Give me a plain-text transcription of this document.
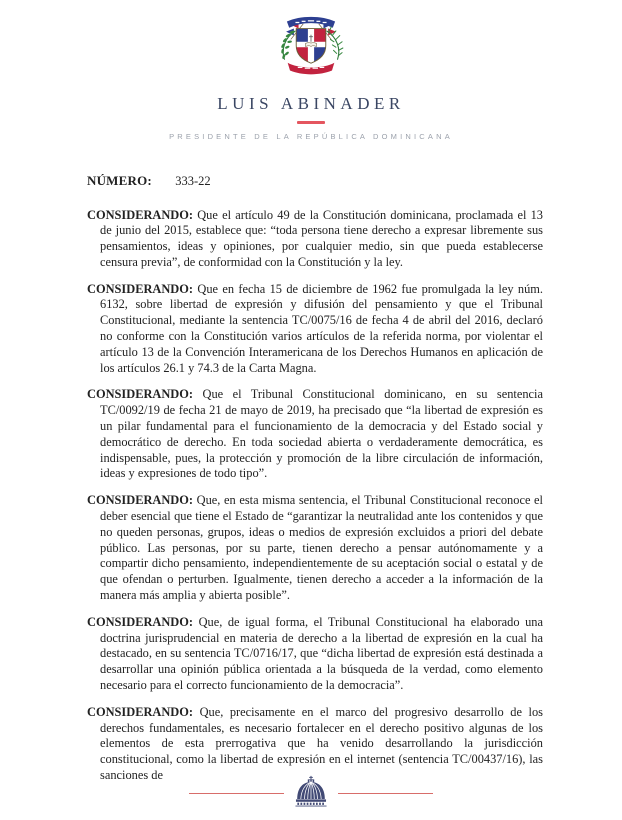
LUIS ABINADER
PRESIDENTE DE LA REPÚBLICA DOMINICANA
NÚMERO: 333-22

CONSIDERANDO: Que el artículo 49 de la Constitución dominicana, proclamada el 13 de junio del 2015, establece que: “toda persona tiene derecho a expresar libremente sus pensamientos, ideas y opiniones, por cualquier medio, sin que pueda establecerse censura previa”, de conformidad con la Constitución y la ley.

CONSIDERANDO: Que en fecha 15 de diciembre de 1962 fue promulgada la ley núm. 6132, sobre libertad de expresión y difusión del pensamiento y que el Tribunal Constitucional, mediante la sentencia TC/0075/16 de fecha 4 de abril del 2016, declaró no conforme con la Constitución varios artículos de la referida norma, por violentar el artículo 13 de la Convención Interamericana de los Derechos Humanos en aplicación de los artículos 26.1 y 74.3 de la Carta Magna.

CONSIDERANDO: Que el Tribunal Constitucional dominicano, en su sentencia TC/0092/19 de fecha 21 de mayo de 2019, ha precisado que “la libertad de expresión es un pilar fundamental para el funcionamiento de la democracia y del Estado social y democrático de derecho. En toda sociedad abierta o verdaderamente democrática, es indispensable, pues, la protección y promoción de la libre circulación de información, ideas y expresiones de todo tipo”.

CONSIDERANDO: Que, en esta misma sentencia, el Tribunal Constitucional reconoce el deber esencial que tiene el Estado de “garantizar la neutralidad ante los contenidos y que no queden personas, grupos, ideas o medios de expresión excluidos a priori del debate público. Las personas, por su parte, tienen derecho a pensar autónomamente y a compartir dicho pensamiento, independientemente de su aceptación social o estatal y de que ofendan o perturben. Igualmente, tienen derecho a acceder a la información de la manera más amplia y abierta posible”.

CONSIDERANDO: Que, de igual forma, el Tribunal Constitucional ha elaborado una doctrina jurisprudencial en materia de derecho a la libertad de expresión en la cual ha destacado, en su sentencia TC/0716/17, que “dicha libertad de expresión está destinada a desarrollar una opinión pública orientada a la búsqueda de la verdad, como elemento necesario para el correcto funcionamiento de la democracia”.

CONSIDERANDO: Que, precisamente en el marco del progresivo desarrollo de los derechos fundamentales, es necesario fortalecer en el derecho positivo algunas de los elementos de esta prerrogativa que ha venido desarrollando la jurisdicción constitucional, como la libertad de expresión en el internet (sentencia TC/00437/16), las sanciones de
